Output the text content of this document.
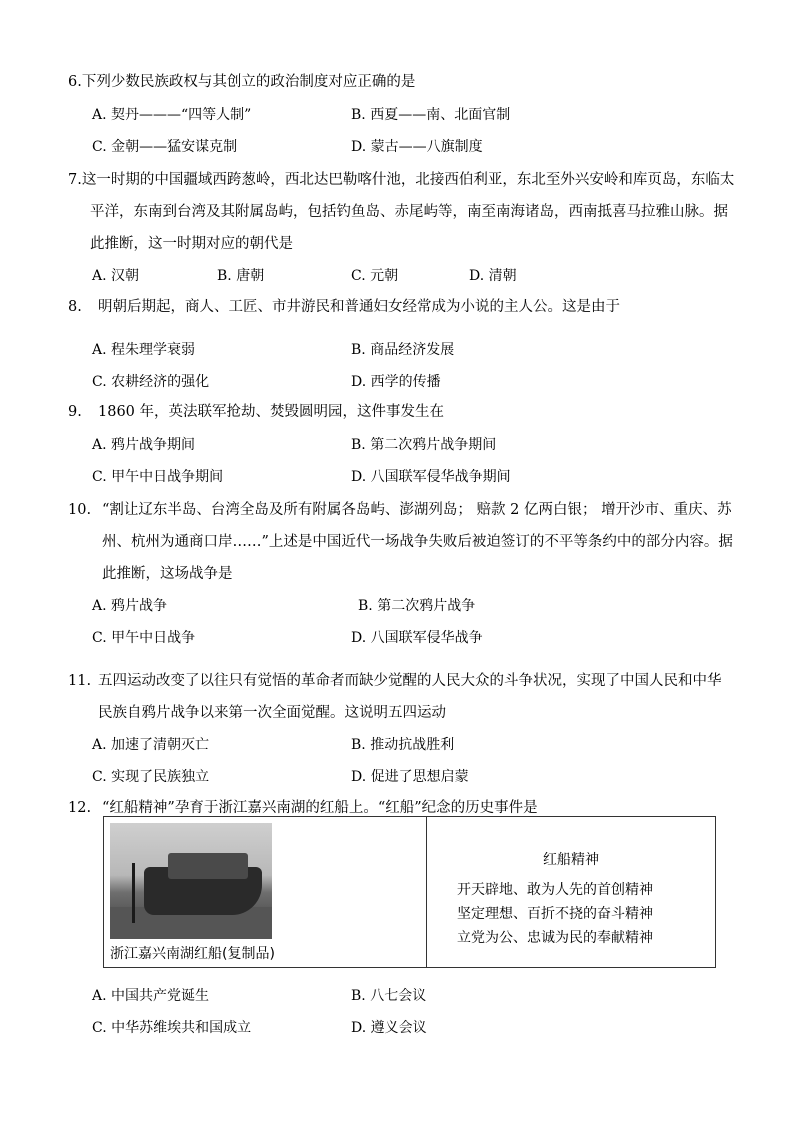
6.下列少数民族政权与其创立的政治制度对应正确的是
A. 契丹———“四等人制”	B. 西夏——南、北面官制
C. 金朝——猛安谋克制	D. 蒙古——八旗制度
7.这一时期的中国疆域西跨葱岭，西北达巴勒喀什池，北接西伯利亚，东北至外兴安岭和库页岛，东临太
平洋，东南到台湾及其附属岛屿，包括钓鱼岛、赤尾屿等，南至南海诸岛，西南抵喜马拉雅山脉。据
此推断，这一时期对应的朝代是
A. 汉朝	B. 唐朝	C. 元朝	D. 清朝
8. 明朝后期起，商人、工匠、市井游民和普通妇女经常成为小说的主人公。这是由于
A. 程朱理学衰弱	B. 商品经济发展
C. 农耕经济的强化	D. 西学的传播
9. 1860 年，英法联军抢劫、焚毁圆明园，这件事发生在
A. 鸦片战争期间	B. 第二次鸦片战争期间
C. 甲午中日战争期间	D. 八国联军侵华战争期间
10. “割让辽东半岛、台湾全岛及所有附属各岛屿、澎湖列岛； 赔款 2 亿两白银； 增开沙市、重庆、苏
州、杭州为通商口岸……”上述是中国近代一场战争失败后被迫签订的不平等条约中的部分内容。据
此推断，这场战争是
A. 鸦片战争	B. 第二次鸦片战争
C. 甲午中日战争	D. 八国联军侵华战争
11. 五四运动改变了以往只有觉悟的革命者而缺少觉醒的人民大众的斗争状况，实现了中国人民和中华
民族自鸦片战争以来第一次全面觉醒。这说明五四运动
A. 加速了清朝灭亡	B. 推动抗战胜利
C. 实现了民族独立	D. 促进了思想启蒙
12. “红船精神”孕育于浙江嘉兴南湖的红船上。“红船”纪念的历史事件是
浙江嘉兴南湖红船(复制品)
红船精神
开天辟地、敢为人先的首创精神
坚定理想、百折不挠的奋斗精神
立党为公、忠诚为民的奉献精神
A. 中国共产党诞生	B. 八七会议
C. 中华苏维埃共和国成立	D. 遵义会议
